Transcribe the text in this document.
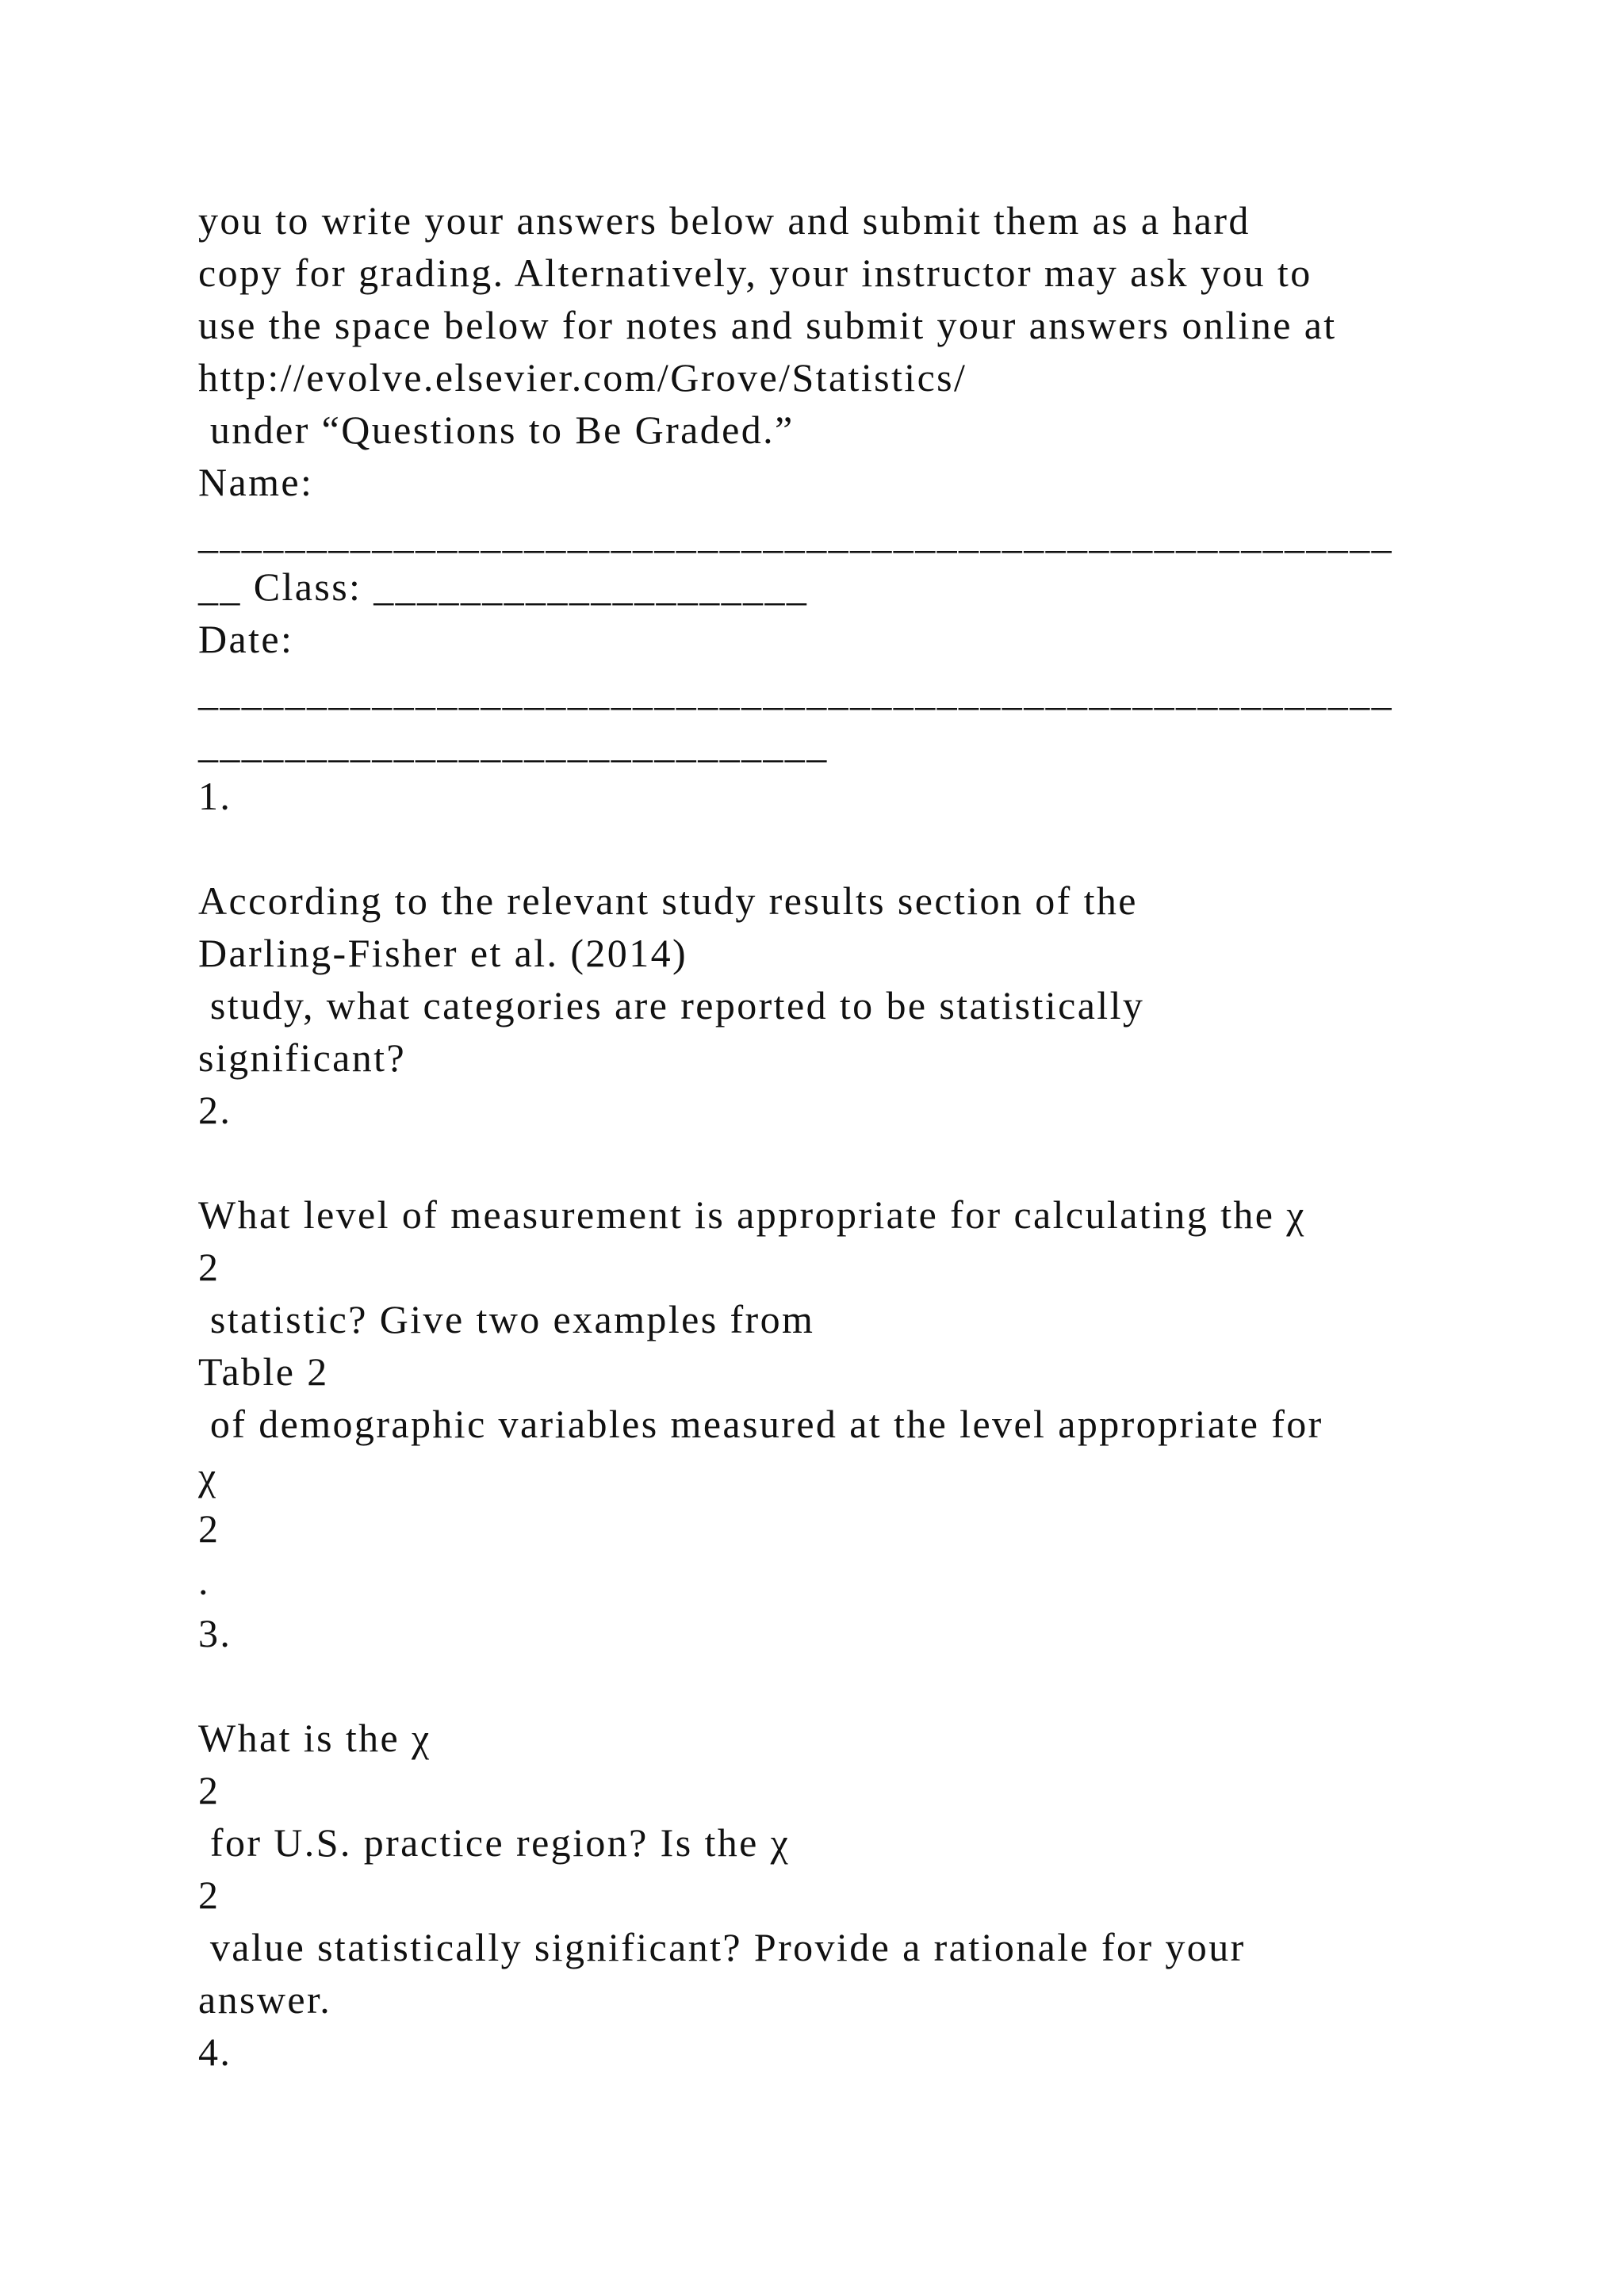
you to write your answers below and submit them as a hard
copy for grading. Alternatively, your instructor may ask you to
use the space below for notes and submit your answers online at
http://evolve.elsevier.com/Grove/Statistics/
under “Questions to Be Graded.”
Name:
_______________________________________________________
__ Class: ____________________
Date:
_______________________________________________________
_____________________________
1.
According to the relevant study results section of the
Darling-Fisher et al. (2014)
study, what categories are reported to be statistically
significant?
2.
What level of measurement is appropriate for calculating the χ
2
statistic? Give two examples from
Table 2
of demographic variables measured at the level appropriate for
χ
2
.
3.
What is the χ
2
for U.S. practice region? Is the χ
2
value statistically significant? Provide a rationale for your
answer.
4.
